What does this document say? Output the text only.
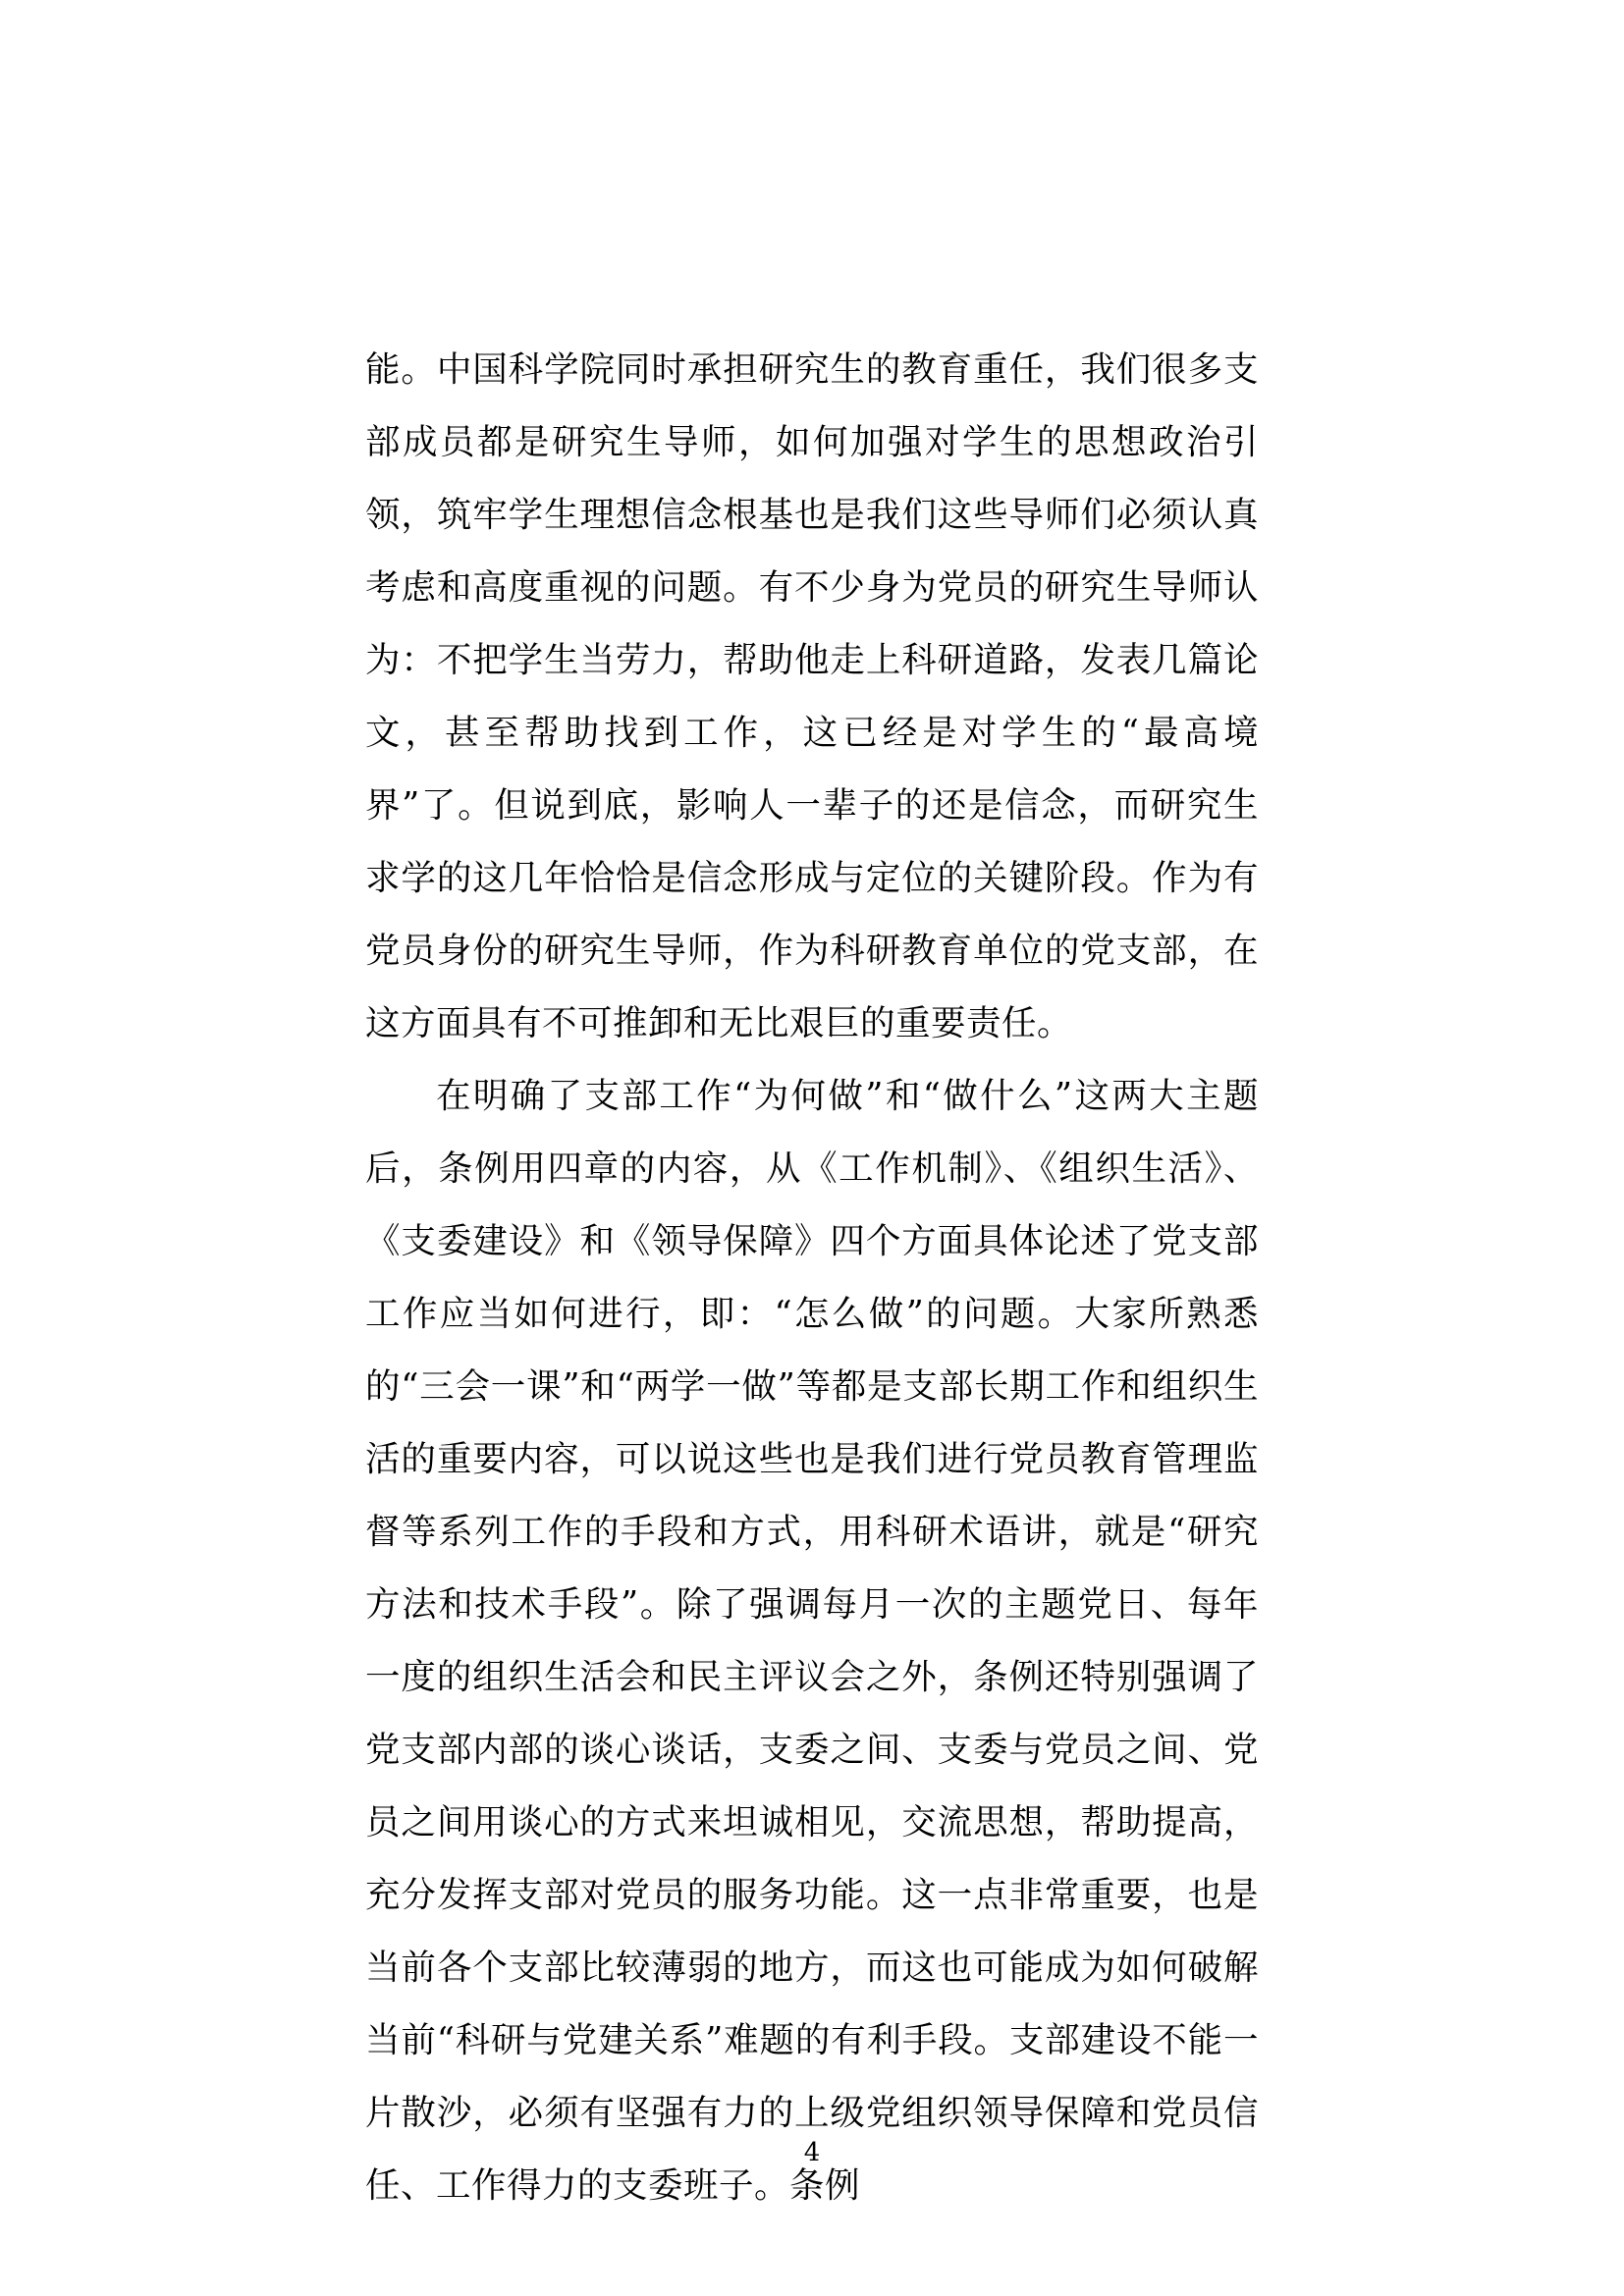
能。中国科学院同时承担研究生的教育重任，我们很多支部成员都是研究生导师，如何加强对学生的思想政治引领，筑牢学生理想信念根基也是我们这些导师们必须认真考虑和高度重视的问题。有不少身为党员的研究生导师认为：不把学生当劳力，帮助他走上科研道路，发表几篇论文，甚至帮助找到工作，这已经是对学生的“最高境界”了。但说到底，影响人一辈子的还是信念，而研究生求学的这几年恰恰是信念形成与定位的关键阶段。作为有党员身份的研究生导师，作为科研教育单位的党支部，在这方面具有不可推卸和无比艰巨的重要责任。

在明确了支部工作“为何做”和“做什么”这两大主题后，条例用四章的内容，从《工作机制》、《组织生活》、《支委建设》和《领导保障》四个方面具体论述了党支部工作应当如何进行，即：“怎么做”的问题。大家所熟悉的“三会一课”和“两学一做”等都是支部长期工作和组织生活的重要内容，可以说这些也是我们进行党员教育管理监督等系列工作的手段和方式，用科研术语讲，就是“研究方法和技术手段”。除了强调每月一次的主题党日、每年一度的组织生活会和民主评议会之外，条例还特别强调了党支部内部的谈心谈话，支委之间、支委与党员之间、党员之间用谈心的方式来坦诚相见，交流思想，帮助提高，充分发挥支部对党员的服务功能。这一点非常重要，也是当前各个支部比较薄弱的地方，而这也可能成为如何破解当前“科研与党建关系”难题的有利手段。支部建设不能一片散沙，必须有坚强有力的上级党组织领导保障和党员信任、工作得力的支委班子。条例

4
